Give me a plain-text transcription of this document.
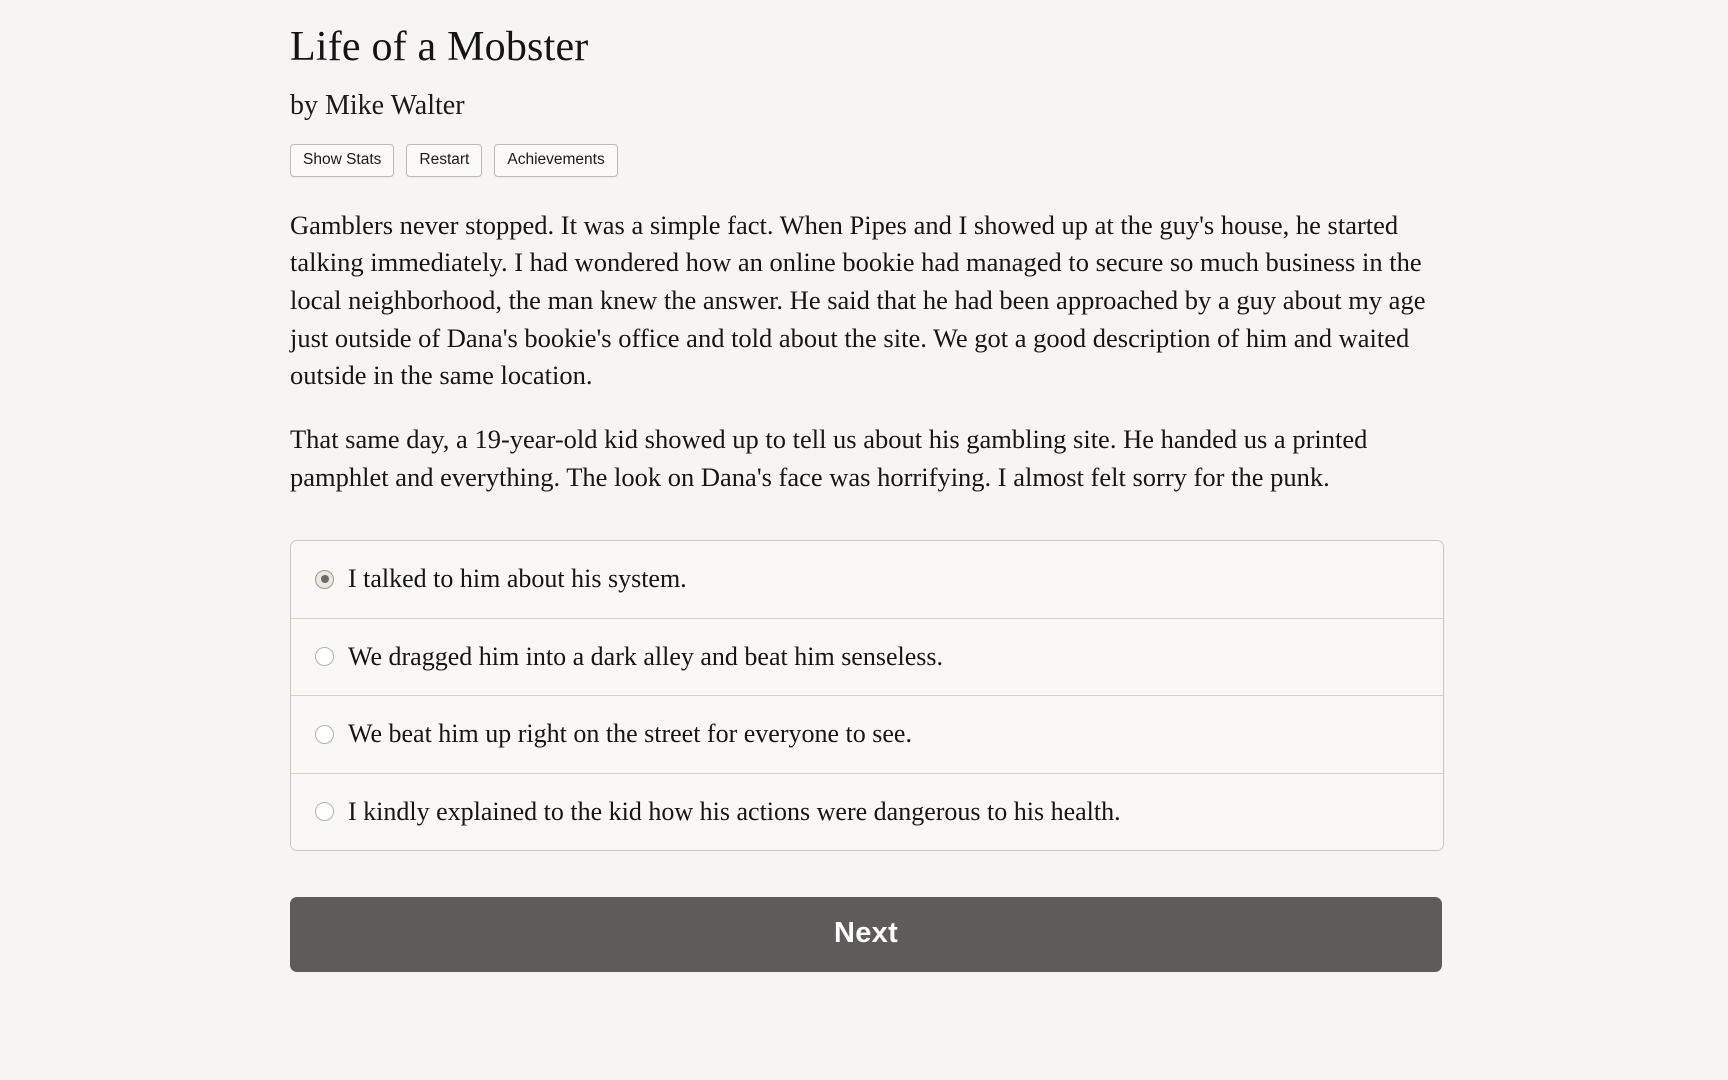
Life of a Mobster
by Mike Walter
Show Stats	Restart	Achievements

Gamblers never stopped. It was a simple fact. When Pipes and I showed up at the guy's house, he started talking immediately. I had wondered how an online bookie had managed to secure so much business in the local neighborhood, the man knew the answer. He said that he had been approached by a guy about my age just outside of Dana's bookie's office and told about the site. We got a good description of him and waited outside in the same location.

That same day, a 19-year-old kid showed up to tell us about his gambling site. He handed us a printed pamphlet and everything. The look on Dana's face was horrifying. I almost felt sorry for the punk.

I talked to him about his system.
We dragged him into a dark alley and beat him senseless.
We beat him up right on the street for everyone to see.
I kindly explained to the kid how his actions were dangerous to his health.
Next
